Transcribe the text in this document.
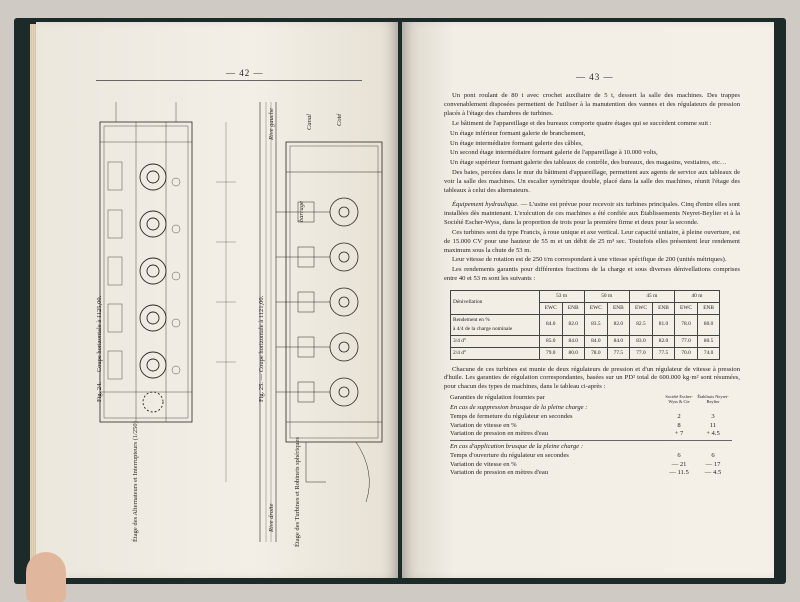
— 42 —
Fig. 24. — Coupe horizontale à 1125,00.
Étage des Alternateurs et Interrupteurs (1/250)
Fig. 25. — Coupe horizontale à 1121,00.
Étage des Turbines et Robinets sphériques
Rive gauche
Rive droite
Canal
barrage
Coté
— 43 —

Un pont roulant de 80 t avec crochet auxiliaire de 5 t, dessert la salle des machines. Des trappes convenablement disposées permettent de l'utiliser à la manutention des vannes et des régulateurs de pression placés à l'étage des chambres de turbines.

Le bâtiment de l'appareillage et des bureaux comporte quatre étages qui se succèdent comme suit :

Un étage inférieur formant galerie de branchement,

Un étage intermédiaire formant galerie des câbles,

Un second étage intermédiaire formant galerie de l'appareillage à 10.000 volts,

Un étage supérieur formant galerie des tableaux de contrôle, des bureaux, des magasins, vestiaires, etc…

Des baies, percées dans le mur du bâtiment d'appareillage, permettent aux agents de service aux tableaux de voir la salle des machines. Un escalier symétrique double, placé dans la salle des machines, réunit l'étage des tableaux à celui des alternateurs.

Équipement hydraulique. — L'usine est prévue pour recevoir six turbines principales. Cinq d'entre elles sont installées dès maintenant. L'exécution de ces machines a été confiée aux Établissements Neyret-Beylier et à la Société Escher-Wyss, dans la proportion de trois pour la première firme et deux pour la seconde.

Ces turbines sont du type Francis, à roue unique et axe vertical. Leur capacité unitaire, à pleine ouverture, est de 15.000 CV pour une hauteur de 55 m et un débit de 25 m³ sec. Toutefois elles présentent leur rendement maximum sous la chute de 53 m.

Leur vitesse de rotation est de 250 t/m correspondant à une vitesse spécifique de 200 (unités métriques).

Les rendements garantis pour différentes fractions de la charge et sous diverses dénivellations comprises entre 40 et 53 m sont les suivants :

Dénivellation	53 m		50 m		45 m		40 m	
	EWC	ENB	EWC	ENB	EWC	ENB	EWC	ENB
Rendement en %
à 4/4 de la charge nominale	84.0	82.0	83.5	82.0	82.5	81.0	78.0	80.0
3/4 d°	85.0	84.0	84.0	84.0	83.0	82.0	77.0	80.5
2/4 d°	79.0	80.0	78.0	77.5	77.0	77.5	70.0	74.0

Chacune de ces turbines est munie de deux régulateurs de pression et d'un régulateur de vitesse à pression d'huile. Les garanties de régulation correspondantes, basées sur un PD² total de 600.000 kg·m² sont résumées, pour chacun des types de machines, dans le tableau ci-après :

Garanties de régulation fournies par	Société Escher-Wyss & Cie
Établissts Neyret-Beylier
En cas de suppression brusque de la pleine charge :
Temps de fermeture du régulateur en secondes	2	3
Variation de vitesse en %	8	11
Variation de pression en mètres d'eau	+ 7	+ 4.5
En cas d'application brusque de la pleine charge :
Temps d'ouverture du régulateur en secondes	6	6
Variation de vitesse en %	— 21	— 17
Variation de pression en mètres d'eau	— 11.5	— 4.5
